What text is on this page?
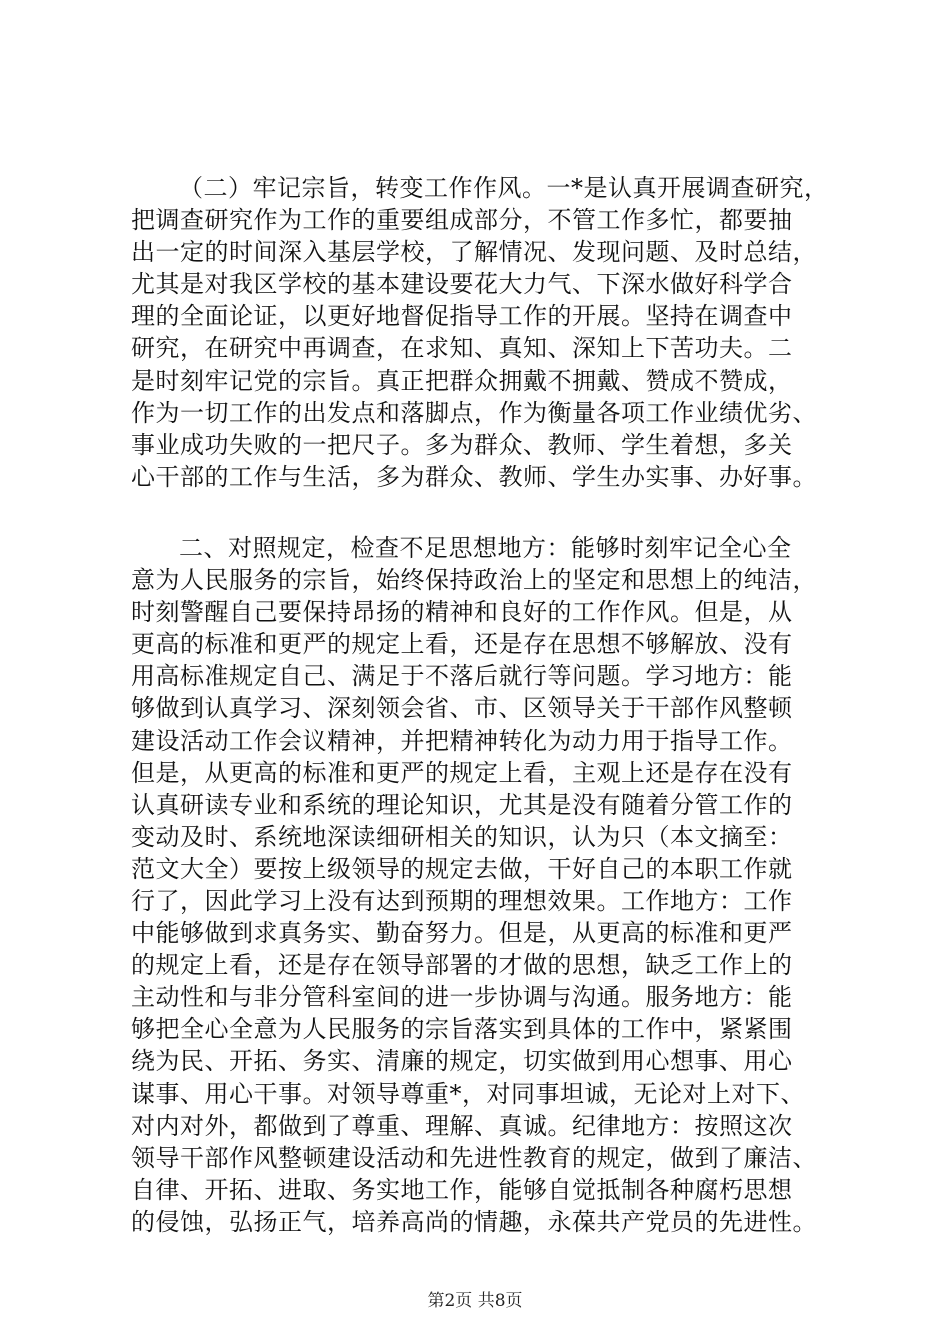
（二）牢记宗旨，转变工作作风。一*是认真开展调查研究，
把调查研究作为工作的重要组成部分，不管工作多忙，都要抽
出一定的时间深入基层学校，了解情况、发现问题、及时总结，
尤其是对我区学校的基本建设要花大力气、下深水做好科学合
理的全面论证，以更好地督促指导工作的开展。坚持在调查中
研究，在研究中再调查，在求知、真知、深知上下苦功夫。二
是时刻牢记党的宗旨。真正把群众拥戴不拥戴、赞成不赞成，
作为一切工作的出发点和落脚点，作为衡量各项工作业绩优劣、
事业成功失败的一把尺子。多为群众、教师、学生着想，多关
心干部的工作与生活，多为群众、教师、学生办实事、办好事。
二、对照规定，检查不足思想地方：能够时刻牢记全心全
意为人民服务的宗旨，始终保持政治上的坚定和思想上的纯洁，
时刻警醒自己要保持昂扬的精神和良好的工作作风。但是，从
更高的标准和更严的规定上看，还是存在思想不够解放、没有
用高标准规定自己、满足于不落后就行等问题。学习地方：能
够做到认真学习、深刻领会省、市、区领导关于干部作风整顿
建设活动工作会议精神，并把精神转化为动力用于指导工作。
但是，从更高的标准和更严的规定上看，主观上还是存在没有
认真研读专业和系统的理论知识，尤其是没有随着分管工作的
变动及时、系统地深读细研相关的知识，认为只（本文摘至：
范文大全）要按上级领导的规定去做，干好自己的本职工作就
行了，因此学习上没有达到预期的理想效果。工作地方：工作
中能够做到求真务实、勤奋努力。但是，从更高的标准和更严
的规定上看，还是存在领导部署的才做的思想，缺乏工作上的
主动性和与非分管科室间的进一步协调与沟通。服务地方：能
够把全心全意为人民服务的宗旨落实到具体的工作中，紧紧围
绕为民、开拓、务实、清廉的规定，切实做到用心想事、用心
谋事、用心干事。对领导尊重*，对同事坦诚，无论对上对下、
对内对外，都做到了尊重、理解、真诚。纪律地方：按照这次
领导干部作风整顿建设活动和先进性教育的规定，做到了廉洁、
自律、开拓、进取、务实地工作，能够自觉抵制各种腐朽思想
的侵蚀，弘扬正气，培养高尚的情趣，永葆共产党员的先进性。
第2页 共8页
